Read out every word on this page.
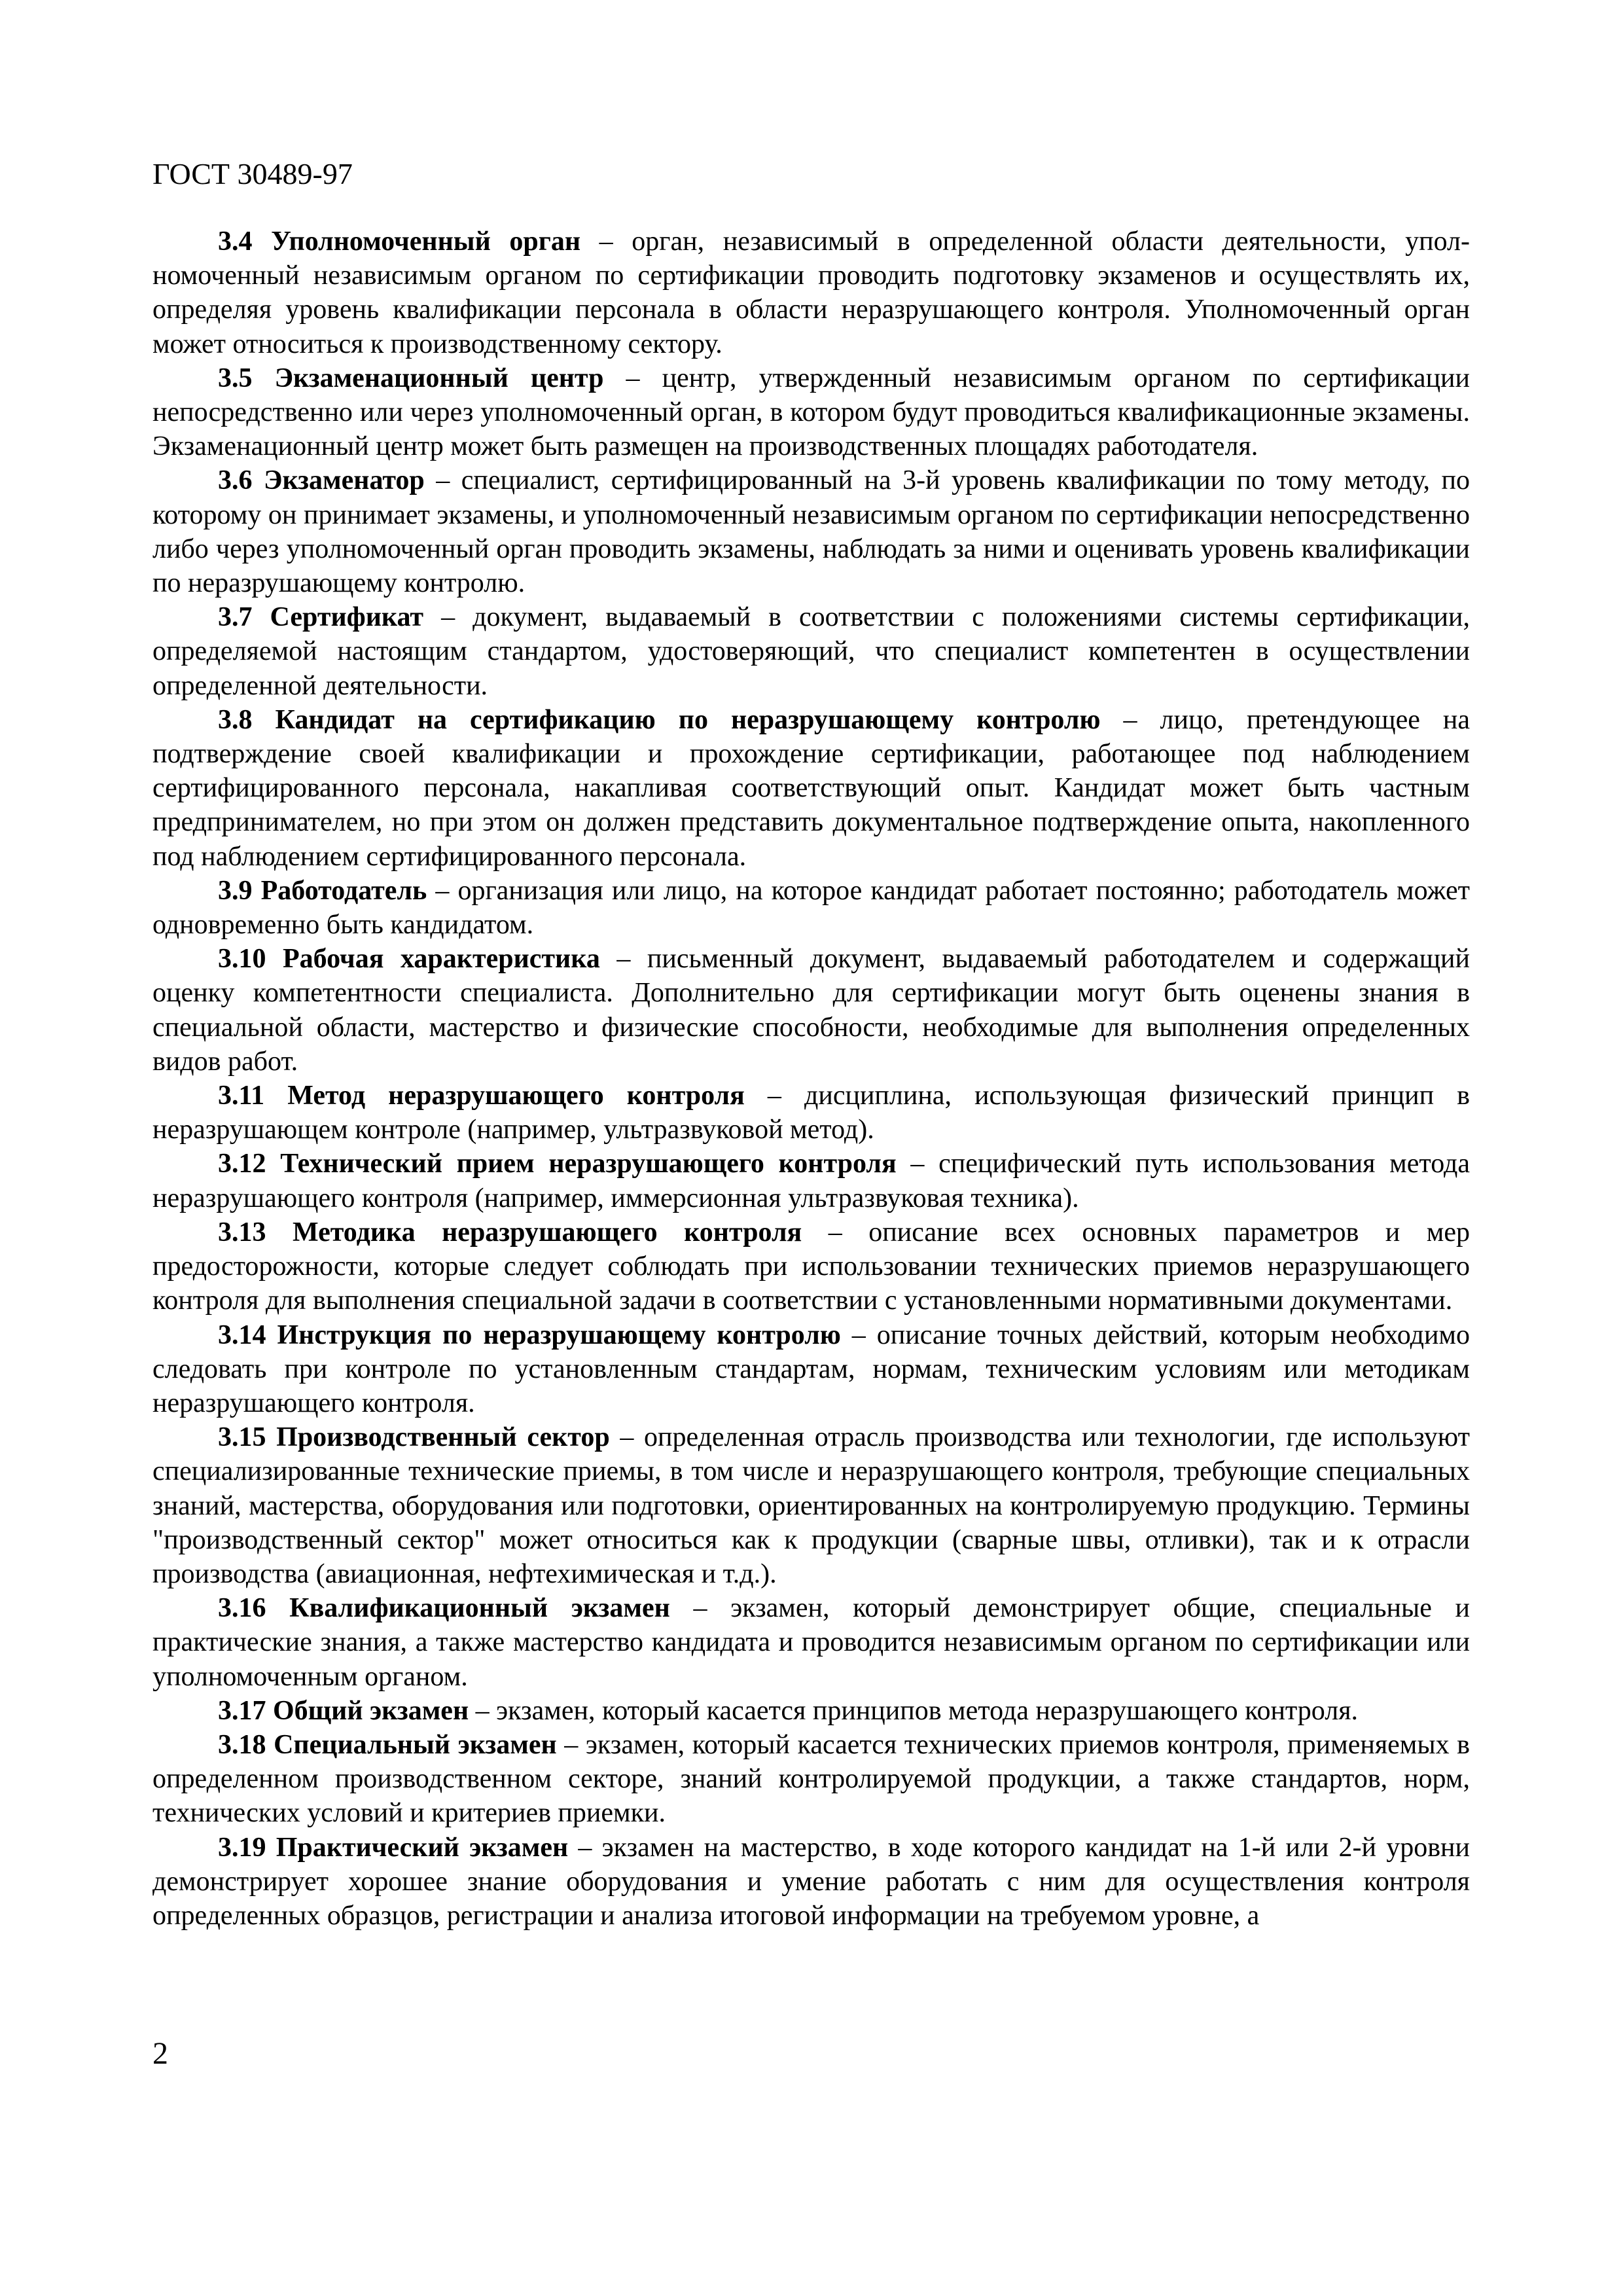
ГОСТ 30489-97

3.4 Уполномоченный орган – орган, независимый в определенной области деятельности, уполномоченный независимым органом по сертификации проводить подготовку экзаменов и осуществлять их, определяя уровень квалификации персонала в области неразрушающего контроля. Уполномоченный орган может относиться к производственному сектору.

3.5 Экзаменационный центр – центр, утвержденный независимым органом по сертификации непосредственно или через уполномоченный орган, в котором будут проводиться квалификационные экзамены. Экзаменационный центр может быть размещен на производственных площадях работодателя.

3.6 Экзаменатор – специалист, сертифицированный на 3-й уровень квалификации по тому методу, по которому он принимает экзамены, и уполномоченный независимым органом по сертификации непосредственно либо через уполномоченный орган проводить экзамены, наблюдать за ними и оценивать уровень квалификации по неразрушающему контролю.

3.7 Сертификат – документ, выдаваемый в соответствии с положениями системы сертификации, определяемой настоящим стандартом, удостоверяющий, что специалист компетентен в осуществлении определенной деятельности.

3.8 Кандидат на сертификацию по неразрушающему контролю – лицо, претендующее на подтверждение своей квалификации и прохождение сертификации, работающее под наблюдением сертифицированного персонала, накапливая соответствующий опыт. Кандидат может быть частным предпринимателем, но при этом он должен представить документальное подтверждение опыта, накопленного под наблюдением сертифицированного персонала.

3.9 Работодатель – организация или лицо, на которое кандидат работает постоянно; работодатель может одновременно быть кандидатом.

3.10 Рабочая характеристика – письменный документ, выдаваемый работодателем и содержащий оценку компетентности специалиста. Дополнительно для сертификации могут быть оценены знания в специальной области, мастерство и физические способности, необходимые для выполнения определенных видов работ.

3.11 Метод неразрушающего контроля – дисциплина, использующая физический принцип в неразрушающем контроле (например, ультразвуковой метод).

3.12 Технический прием неразрушающего контроля – специфический путь использования метода неразрушающего контроля (например, иммерсионная ультразвуковая техника).

3.13 Методика неразрушающего контроля – описание всех основных параметров и мер предосторожности, которые следует соблюдать при использовании технических приемов неразрушающего контроля для выполнения специальной задачи в соответствии с установленными нормативными документами.

3.14 Инструкция по неразрушающему контролю – описание точных действий, которым необходимо следовать при контроле по установленным стандартам, нормам, техническим условиям или методикам неразрушающего контроля.

3.15 Производственный сектор – определенная отрасль производства или технологии, где используют специализированные технические приемы, в том числе и неразрушающего контроля, требующие специальных знаний, мастерства, оборудования или подготовки, ориентированных на контролируемую продукцию. Термины "производственный сектор" может относиться как к продукции (сварные швы, отливки), так и к отрасли производства (авиационная, нефтехимическая и т.д.).

3.16 Квалификационный экзамен – экзамен, который демонстрирует общие, специальные и практические знания, а также мастерство кандидата и проводится независимым органом по сертификации или уполномоченным органом.

3.17 Общий экзамен – экзамен, который касается принципов метода неразрушающего контроля.

3.18 Специальный экзамен – экзамен, который касается технических приемов контроля, применяемых в определенном производственном секторе, знаний контролируемой продукции, а также стандартов, норм, технических условий и критериев приемки.

3.19 Практический экзамен – экзамен на мастерство, в ходе которого кандидат на 1-й или 2-й уровни демонстрирует хорошее знание оборудования и умение работать с ним для осуществления контроля определенных образцов, регистрации и анализа итоговой информации на требуемом уровне, а

2
